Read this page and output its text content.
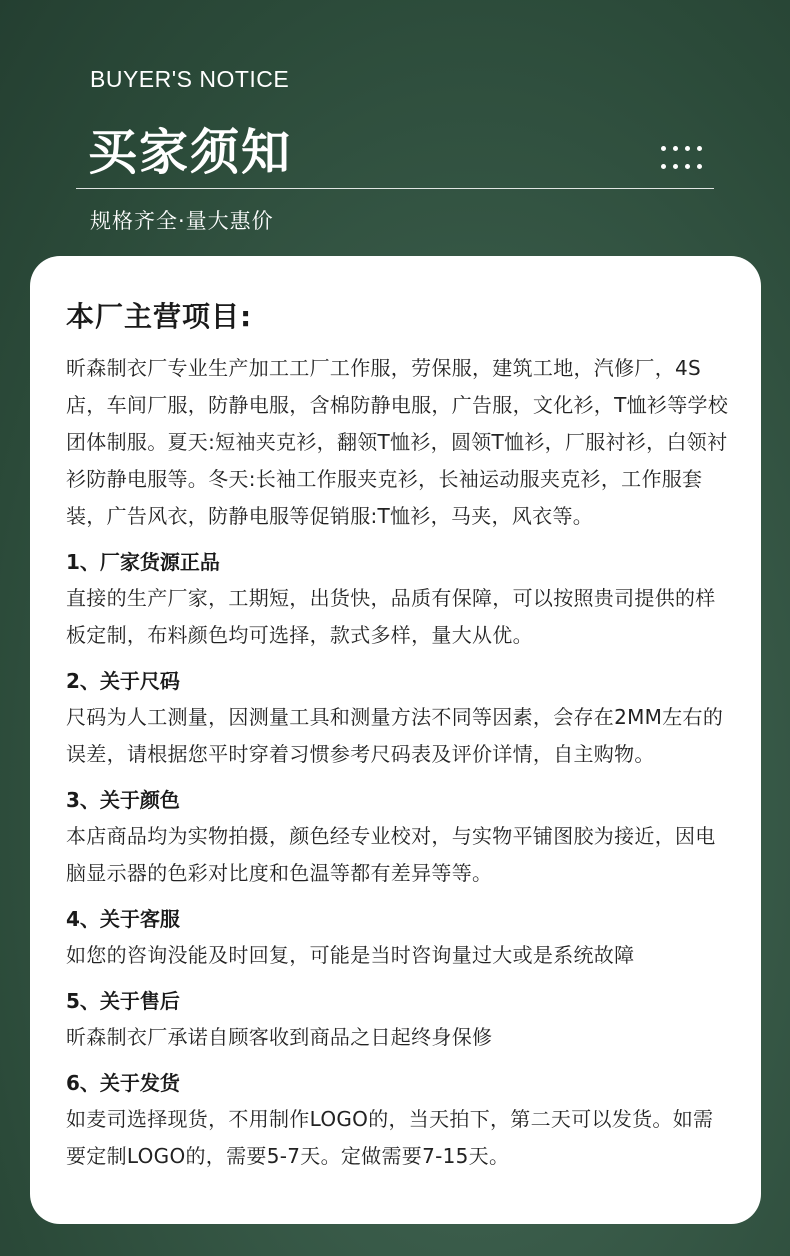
BUYER'S NOTICE
买家须知
规格齐全·量大惠价
本厂主营项目:

昕森制衣厂专业生产加工工厂工作服，劳保服，建筑工地，汽修厂，4S店，车间厂服，防静电服，含棉防静电服，广告服，文化衫，T恤衫等学校团体制服。夏天:短袖夹克衫，翻领T恤衫，圆领T恤衫，厂服衬衫，白领衬衫防静电服等。冬天:长袖工作服夹克衫，长袖运动服夹克衫，工作服套装，广告风衣，防静电服等促销服:T恤衫，马夹，风衣等。

1、厂家货源正品

直接的生产厂家，工期短，出货快，品质有保障，可以按照贵司提供的样板定制，布料颜色均可选择，款式多样，量大从优。

2、关于尺码

尺码为人工测量，因测量工具和测量方法不同等因素，会存在2MM左右的误差，请根据您平时穿着习惯参考尺码表及评价详情，自主购物。

3、关于颜色

本店商品均为实物拍摄，颜色经专业校对，与实物平铺图胶为接近，因电脑显示器的色彩对比度和色温等都有差异等等。

4、关于客服

如您的咨询没能及时回复，可能是当时咨询量过大或是系统故障

5、关于售后

昕森制衣厂承诺自顾客收到商品之日起终身保修

6、关于发货

如麦司选择现货，不用制作LOGO的，当天拍下，第二天可以发货。如需要定制LOGO的，需要5-7天。定做需要7-15天。
